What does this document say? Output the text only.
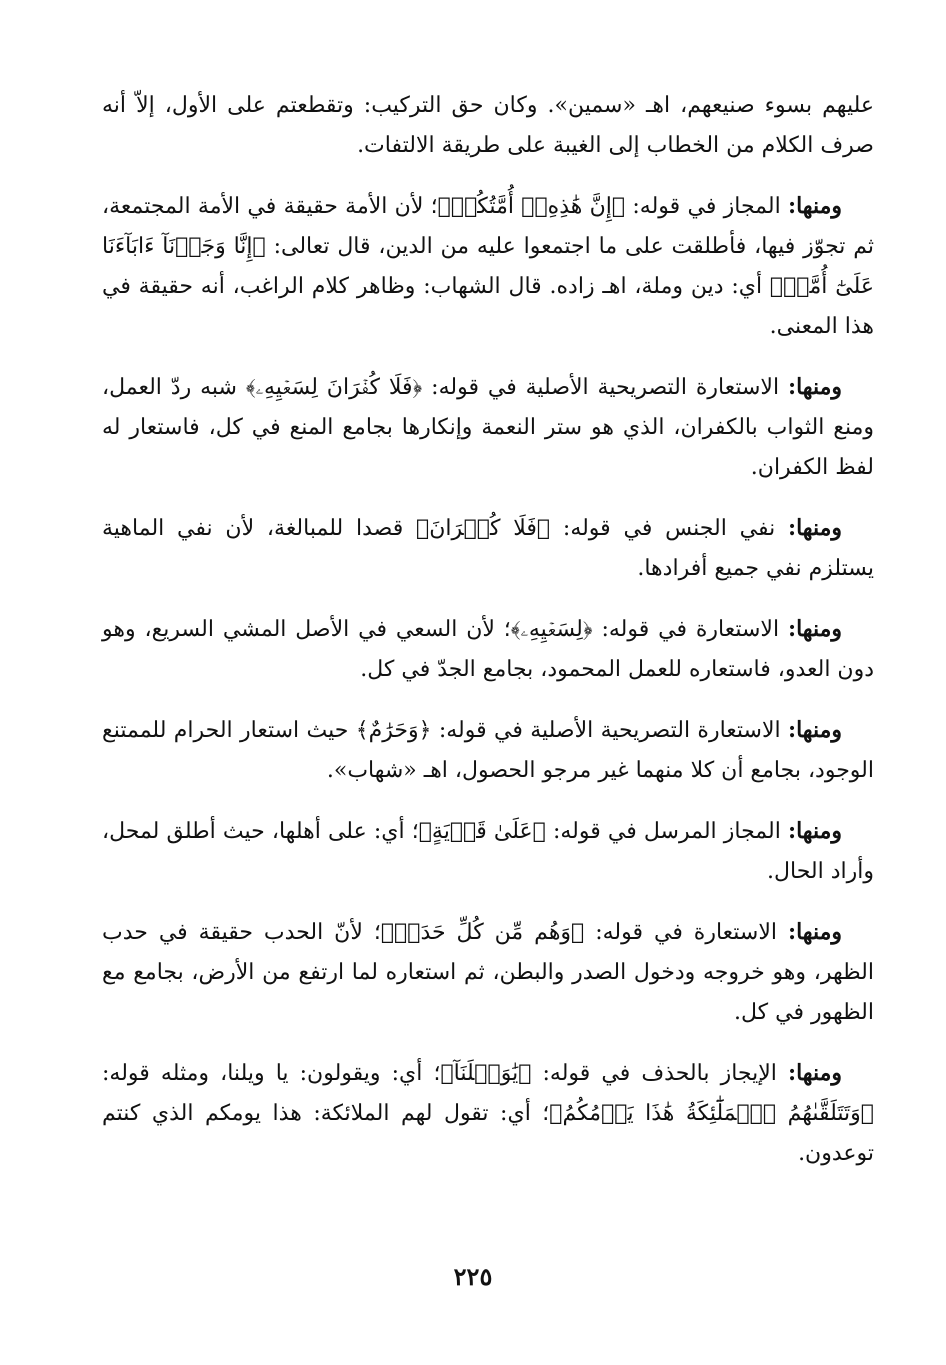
عليهم بسوء صنيعهم، اهـ «سمين». وكان حق التركيب: وتقطعتم على الأول، إلاّ أنه صرف الكلام من الخطاب إلى الغيبة على طريقة الالتفات.

ومنها: المجاز في قوله: ﴿إِنَّ هَٰذِهِۦٓ أُمَّتُكُمۡ﴾؛ لأن الأمة حقيقة في الأمة المجتمعة، ثم تجوّز فيها، فأطلقت على ما اجتمعوا عليه من الدين، قال تعالى: ﴿إِنَّا وَجَدۡنَآ ءَابَآءَنَا عَلَىٰٓ أُمَّةٖ﴾ أي: دين وملة، اهـ زاده. قال الشهاب: وظاهر كلام الراغب، أنه حقيقة في هذا المعنى.

ومنها: الاستعارة التصريحية الأصلية في قوله: ﴿فَلَا كُفۡرَانَ لِسَعۡيِهِۦ﴾ شبه ردّ العمل، ومنع الثواب بالكفران، الذي هو ستر النعمة وإنكارها بجامع المنع في كل، فاستعار له لفظ الكفران.

ومنها: نفي الجنس في قوله: ﴿فَلَا كُفۡرَانَ﴾ قصدا للمبالغة، لأن نفي الماهية يستلزم نفي جميع أفرادها.

ومنها: الاستعارة في قوله: ﴿لِسَعۡيِهِۦ﴾؛ لأن السعي في الأصل المشي السريع، وهو دون العدو، فاستعاره للعمل المحمود، بجامع الجدّ في كل.

ومنها: الاستعارة التصريحية الأصلية في قوله: ﴿وَحَرَٰمٌ﴾ حيث استعار الحرام للممتنع الوجود، بجامع أن كلا منهما غير مرجو الحصول، اهـ «شهاب».

ومنها: المجاز المرسل في قوله: ﴿عَلَىٰ قَرۡيَةٍ﴾؛ أي: على أهلها، حيث أطلق لمحل، وأراد الحال.

ومنها: الاستعارة في قوله: ﴿وَهُم مِّن كُلِّ حَدَبٖ﴾؛ لأنّ الحدب حقيقة في حدب الظهر، وهو خروجه ودخول الصدر والبطن، ثم استعاره لما ارتفع من الأرض، بجامع مع الظهور في كل.

ومنها: الإيجاز بالحذف في قوله: ﴿يَٰوَيۡلَنَآ﴾؛ أي: ويقولون: يا ويلنا، ومثله قوله: ﴿وَتَتَلَقَّىٰهُمُ ٱلۡمَلَٰٓئِكَةُ هَٰذَا يَوۡمُكُمُ﴾؛ أي: تقول لهم الملائكة: هذا يومكم الذي كنتم توعدون.

٢٢٥
